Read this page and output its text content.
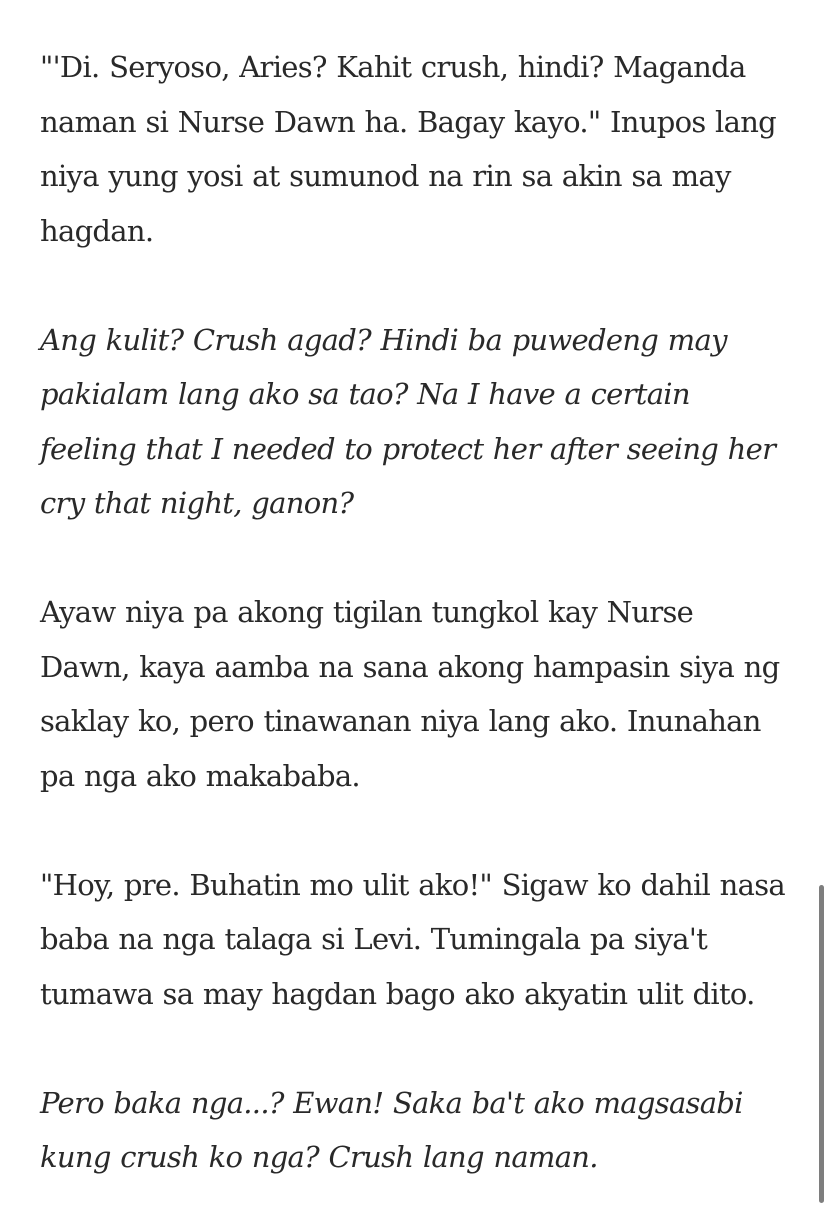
"'Di. Seryoso, Aries? Kahit crush, hindi? Maganda naman si Nurse Dawn ha. Bagay kayo." Inupos lang niya yung yosi at sumunod na rin sa akin sa may hagdan.

Ang kulit? Crush agad? Hindi ba puwedeng may pakialam lang ako sa tao? Na I have a certain feeling that I needed to protect her after seeing her cry that night, ganon?

Ayaw niya pa akong tigilan tungkol kay Nurse Dawn, kaya aamba na sana akong hampasin siya ng saklay ko, pero tinawanan niya lang ako. Inunahan pa nga ako makababa.

"Hoy, pre. Buhatin mo ulit ako!" Sigaw ko dahil nasa baba na nga talaga si Levi. Tumingala pa siya't tumawa sa may hagdan bago ako akyatin ulit dito.

Pero baka nga...? Ewan! Saka ba't ako magsasabi kung crush ko nga? Crush lang naman.
